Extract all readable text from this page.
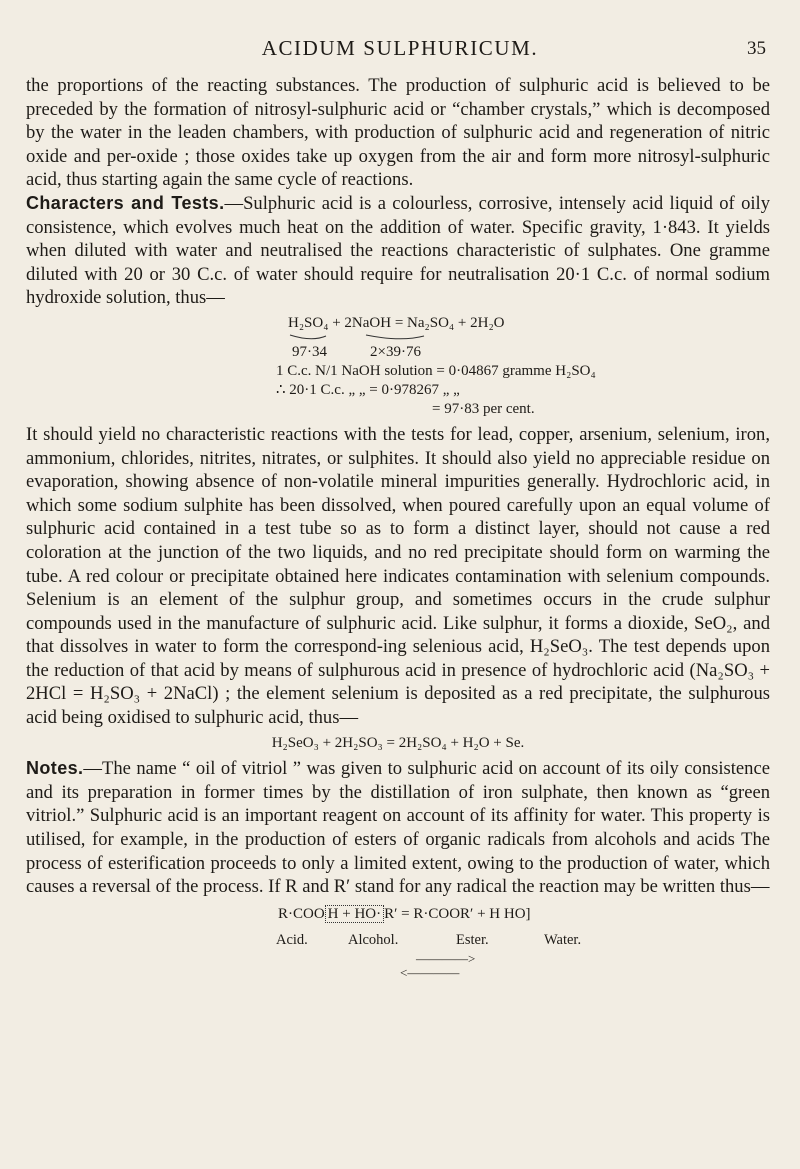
ACIDUM SULPHURICUM.	35

the proportions of the reacting substances. The production of sulphuric acid is believed to be preceded by the formation of nitrosyl-sulphuric acid or “chamber crystals,” which is decomposed by the water in the leaden chambers, with production of sulphuric acid and regeneration of nitric oxide and per-oxide ; those oxides take up oxygen from the air and form more nitrosyl-sulphuric acid, thus starting again the same cycle of reactions.

Characters and Tests.—Sulphuric acid is a colourless, corrosive, intensely acid liquid of oily consistence, which evolves much heat on the addition of water. Specific gravity, 1·843. It yields when diluted with water and neutralised the reactions characteristic of sulphates. One gramme diluted with 20 or 30 C.c. of water should require for neutralisation 20·1 C.c. of normal sodium hydroxide solution, thus—

H₂SO₄ + 2NaOH = Na₂SO₄ + 2H₂O
97·34	2×39·76
1 C.c. N/1 NaOH solution = 0·04867 gramme H₂SO₄
∴ 20·1 C.c. „ „ = 0·978267 „ „
= 97·83 per cent.

It should yield no characteristic reactions with the tests for lead, copper, arsenium, selenium, iron, ammonium, chlorides, nitrites, nitrates, or sulphites. It should also yield no appreciable residue on evaporation, showing absence of non-volatile mineral impurities generally. Hydrochloric acid, in which some sodium sulphite has been dissolved, when poured carefully upon an equal volume of sulphuric acid contained in a test tube so as to form a distinct layer, should not cause a red coloration at the junction of the two liquids, and no red precipitate should form on warming the tube. A red colour or precipitate obtained here indicates contamination with selenium compounds. Selenium is an element of the sulphur group, and sometimes occurs in the crude sulphur compounds used in the manufacture of sulphuric acid. Like sulphur, it forms a dioxide, SeO₂, and that dissolves in water to form the correspond-ing selenious acid, H₂SeO₃. The test depends upon the reduction of that acid by means of sulphurous acid in presence of hydrochloric acid (Na₂SO₃ + 2HCl = H₂SO₃ + 2NaCl) ; the element selenium is deposited as a red precipitate, the sulphurous acid being oxidised to sulphuric acid, thus—

H₂SeO₃ + 2H₂SO₃ = 2H₂SO₄ + H₂O + Se.

Notes.—The name “ oil of vitriol ” was given to sulphuric acid on account of its oily consistence and its preparation in former times by the distillation of iron sulphate, then known as “green vitriol.” Sulphuric acid is an important reagent on account of its affinity for water. This property is utilised, for example, in the production of esters of organic radicals from alcohols and acids The process of esterification proceeds to only a limited extent, owing to the production of water, which causes a reversal of the process. If R and R′ stand for any radical the reaction may be written thus—

R·COO H + HO· R′ = R·COOR′ + H HO]
Acid.	Alcohol.	Ester.	Water.
————>
<————
